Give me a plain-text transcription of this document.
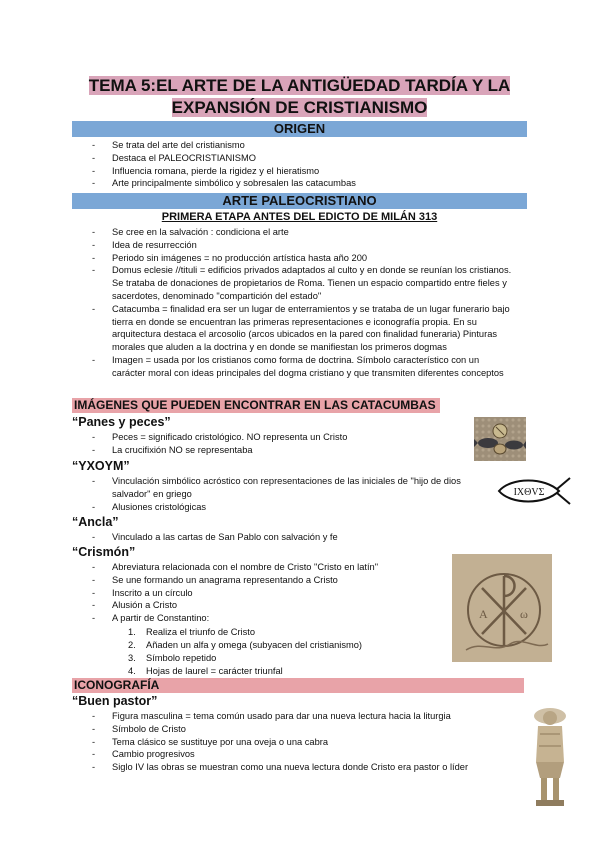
TEMA 5:EL ARTE DE LA ANTIGÜEDAD TARDÍA Y LA EXPANSIÓN DE CRISTIANISMO
ORIGEN
- Se trata del arte del cristianismo
- Destaca el PALEOCRISTIANISMO
- Influencia romana, pierde la rigidez y el hieratismo
- Arte principalmente simbólico y sobresalen las catacumbas
ARTE PALEOCRISTIANO
PRIMERA ETAPA ANTES DEL EDICTO DE MILÁN 313
- Se cree en la salvación : condiciona el arte
- Idea de resurrección
- Periodo sin imágenes = no producción artística hasta año 200
- Domus eclesie //tituli = edificios privados adaptados al culto y en donde se reunían los cristianos. Se trataba de donaciones de propietarios de Roma. Tienen un espacio compartido entre fieles y sacerdotes, denominado "compartición del estado"
- Catacumba = finalidad era ser un lugar de enterramientos y se trataba de un lugar funerario bajo tierra en donde se encuentran las primeras representaciones e iconografía propia. En su arquitectura destaca el arcosolio (arcos ubicados en la pared con finalidad funeraria) Pinturas morales que aluden a la doctrina y en donde se manifiestan los primeros dogmas
- Imagen = usada por los cristianos como forma de doctrina. Símbolo característico con un carácter moral con ideas principales del dogma cristiano y que transmiten diferentes conceptos
IMÁGENES QUE PUEDEN ENCONTRAR EN LAS CATACUMBAS
“Panes y peces”
- Peces = significado cristológico. NO representa un Cristo
- La crucifixión NO se representaba
“YXOYM”
- Vinculación simbólico acróstico con representaciones de las iniciales de "hijo de dios salvador" en griego
- Alusiones cristológicas
IXΘVΣ
“Ancla”
- Vinculado a las cartas de San Pablo con salvación y fe
“Crismón”
- Abreviatura relacionada con el nombre de Cristo "Cristo en latín"
- Se une formando un anagrama representando a Cristo
- Inscrito a un círculo
- Alusión a Cristo
- A partir de Constantino:
1. Realiza el triunfo de Cristo
2. Añaden un alfa y omega (subyacen del cristianismo)
3. Símbolo repetido
4. Hojas de laurel = carácter triunfal
A	ω
ICONOGRAFÍA
“Buen pastor”
- Figura masculina = tema común usado para dar una nueva lectura hacia la liturgia
- Símbolo de Cristo
- Tema clásico se sustituye por una oveja o una cabra
- Cambio progresivos
- Siglo IV las obras se muestran como una nueva lectura donde Cristo era pastor o líder
